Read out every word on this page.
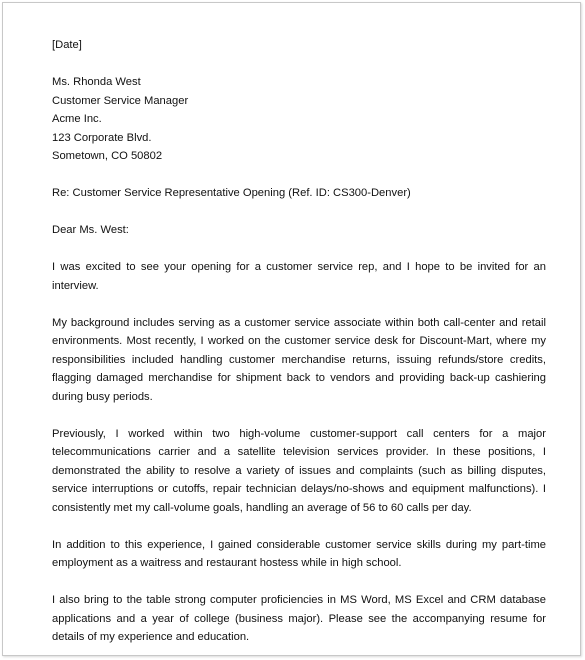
[Date]

Ms. Rhonda West
Customer Service Manager
Acme Inc.
123 Corporate Blvd.
Sometown, CO 50802

Re: Customer Service Representative Opening (Ref. ID: CS300-Denver)

Dear Ms. West:

I was excited to see your opening for a customer service rep, and I hope to be invited for an interview.

My background includes serving as a customer service associate within both call-center and retail environments. Most recently, I worked on the customer service desk for Discount-Mart, where my responsibilities included handling customer merchandise returns, issuing refunds/store credits, flagging damaged merchandise for shipment back to vendors and providing back-up cashiering during busy periods.

Previously, I worked within two high-volume customer-support call centers for a major telecommunications carrier and a satellite television services provider. In these positions, I demonstrated the ability to resolve a variety of issues and complaints (such as billing disputes, service interruptions or cutoffs, repair technician delays/no-shows and equipment malfunctions). I consistently met my call-volume goals, handling an average of 56 to 60 calls per day.

In addition to this experience, I gained considerable customer service skills during my part-time employment as a waitress and restaurant hostess while in high school.

I also bring to the table strong computer proficiencies in MS Word, MS Excel and CRM database applications and a year of college (business major). Please see the accompanying resume for details of my experience and education.
